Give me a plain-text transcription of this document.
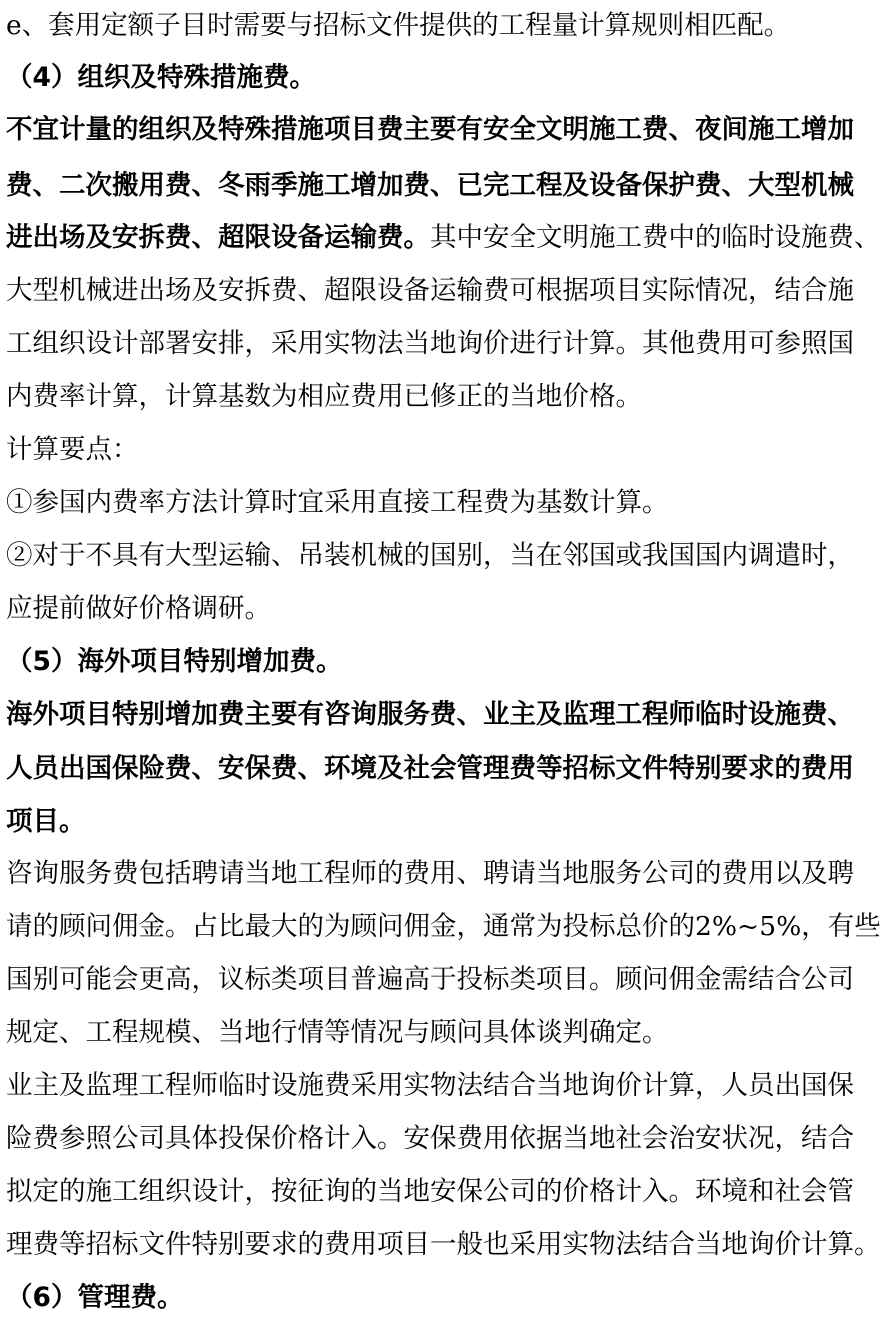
e、套用定额子目时需要与招标文件提供的工程量计算规则相匹配。
（4）组织及特殊措施费。
不宜计量的组织及特殊措施项目费主要有安全文明施工费、夜间施工增加
费、二次搬用费、冬雨季施工增加费、已完工程及设备保护费、大型机械
进出场及安拆费、超限设备运输费。其中安全文明施工费中的临时设施费、
大型机械进出场及安拆费、超限设备运输费可根据项目实际情况，结合施
工组织设计部署安排，采用实物法当地询价进行计算。其他费用可参照国
内费率计算，计算基数为相应费用已修正的当地价格。
计算要点：
①参国内费率方法计算时宜采用直接工程费为基数计算。
②对于不具有大型运输、吊装机械的国别，当在邻国或我国国内调遣时，
应提前做好价格调研。
（5）海外项目特别增加费。
海外项目特别增加费主要有咨询服务费、业主及监理工程师临时设施费、
人员出国保险费、安保费、环境及社会管理费等招标文件特别要求的费用
项目。
咨询服务费包括聘请当地工程师的费用、聘请当地服务公司的费用以及聘
请的顾问佣金。占比最大的为顾问佣金，通常为投标总价的2%~5%，有些
国别可能会更高，议标类项目普遍高于投标类项目。顾问佣金需结合公司
规定、工程规模、当地行情等情况与顾问具体谈判确定。
业主及监理工程师临时设施费采用实物法结合当地询价计算，人员出国保
险费参照公司具体投保价格计入。安保费用依据当地社会治安状况，结合
拟定的施工组织设计，按征询的当地安保公司的价格计入。环境和社会管
理费等招标文件特别要求的费用项目一般也采用实物法结合当地询价计算。
（6）管理费。
